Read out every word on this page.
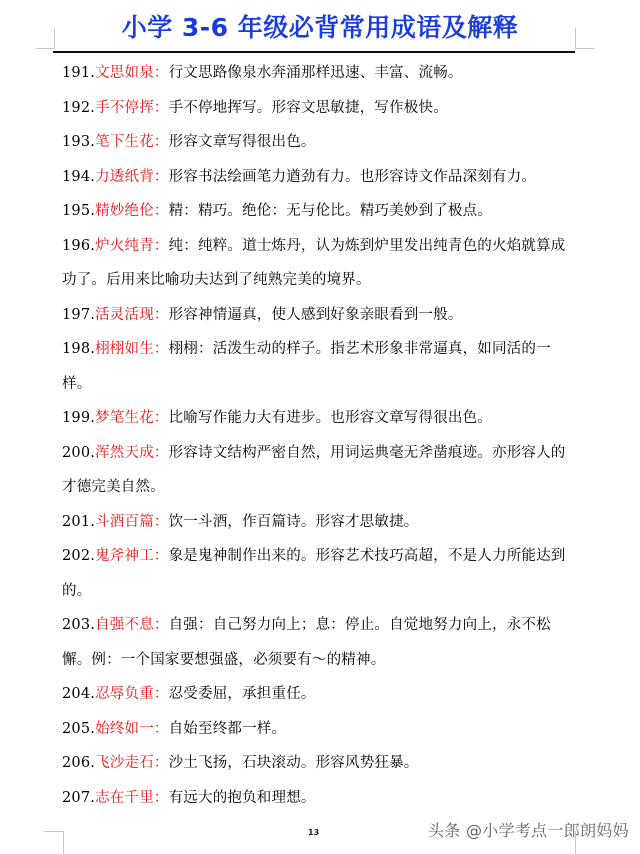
小学 3-6 年级必背常用成语及解释

191.文思如泉：行文思路像泉水奔涌那样迅速、丰富、流畅。

192.手不停挥：手不停地挥写。形容文思敏捷，写作极快。

193.笔下生花：形容文章写得很出色。

194.力透纸背：形容书法绘画笔力遒劲有力。也形容诗文作品深刻有力。

195.精妙绝伦：精：精巧。绝伦：无与伦比。精巧美妙到了极点。

196.炉火纯青：纯：纯粹。道士炼丹，认为炼到炉里发出纯青色的火焰就算成功了。后用来比喻功夫达到了纯熟完美的境界。

197.活灵活现：形容神情逼真，使人感到好象亲眼看到一般。

198.栩栩如生：栩栩：活泼生动的样子。指艺术形象非常逼真，如同活的一样。

199.梦笔生花：比喻写作能力大有进步。也形容文章写得很出色。

200.浑然天成：形容诗文结构严密自然，用词运典毫无斧凿痕迹。亦形容人的才德完美自然。

201.斗酒百篇：饮一斗酒，作百篇诗。形容才思敏捷。

202.鬼斧神工：象是鬼神制作出来的。形容艺术技巧高超，不是人力所能达到的。

203.自强不息：自强：自己努力向上；息：停止。自觉地努力向上，永不松懈。例：一个国家要想强盛，必须要有～的精神。

204.忍辱负重：忍受委屈，承担重任。

205.始终如一：自始至终都一样。

206.飞沙走石：沙土飞扬，石块滚动。形容风势狂暴。

207.志在千里：有远大的抱负和理想。

13	头条 @小学考点一郎朗妈妈
